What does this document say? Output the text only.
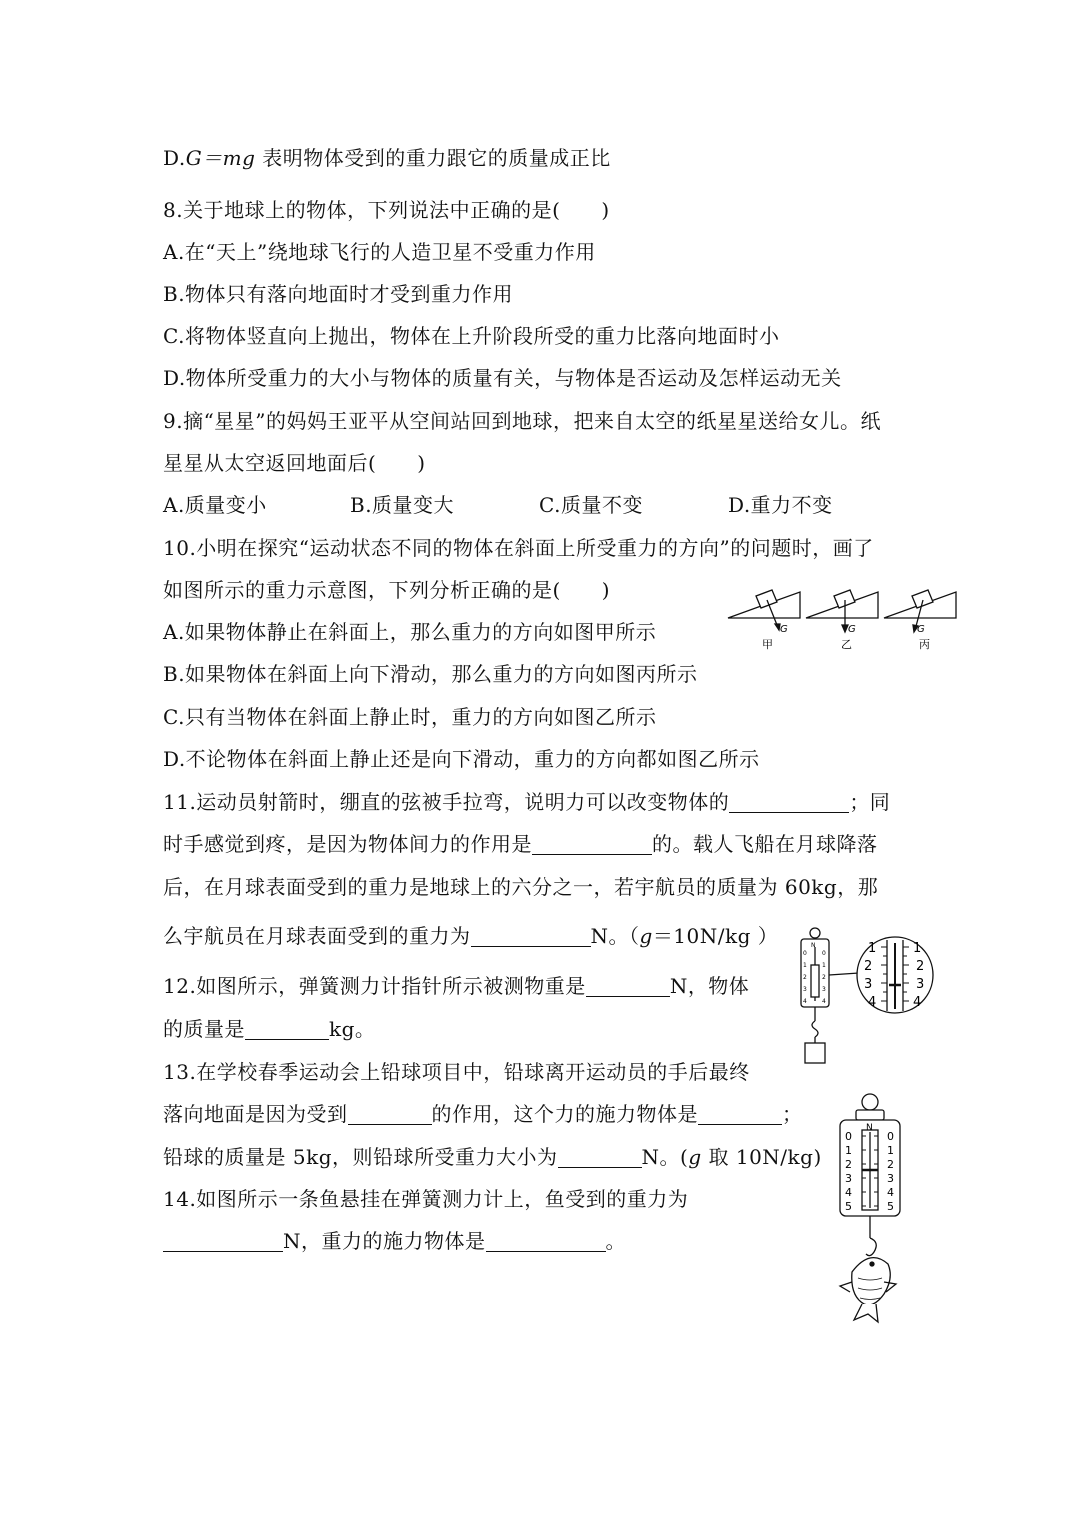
D.G＝mg 表明物体受到的重力跟它的质量成正比
8.关于地球上的物体，下列说法中正确的是(　　)
A.在“天上”绕地球飞行的人造卫星不受重力作用
B.物体只有落向地面时才受到重力作用
C.将物体竖直向上抛出，物体在上升阶段所受的重力比落向地面时小
D.物体所受重力的大小与物体的质量有关，与物体是否运动及怎样运动无关
9.摘“星星”的妈妈王亚平从空间站回到地球，把来自太空的纸星星送给女儿。纸
星星从太空返回地面后(　　)
A.质量变小	B.质量变大	C.质量不变	D.重力不变
10.小明在探究“运动状态不同的物体在斜面上所受重力的方向”的问题时，画了
如图所示的重力示意图，下列分析正确的是(　　)
A.如果物体静止在斜面上，那么重力的方向如图甲所示
B.如果物体在斜面上向下滑动，那么重力的方向如图丙所示
C.只有当物体在斜面上静止时，重力的方向如图乙所示
D.不论物体在斜面上静止还是向下滑动，重力的方向都如图乙所示
11.运动员射箭时，绷直的弦被手拉弯，说明力可以改变物体的	；同
时手感觉到疼，是因为物体间力的作用是	的。载人飞船在月球降落
后，在月球表面受到的重力是地球上的六分之一，若宇航员的质量为 60kg，那
么宇航员在月球表面受到的重力为	N。（g＝10N/kg ）
12.如图所示，弹簧测力计指针所示被测物重是	N，物体
的质量是	kg。
13.在学校春季运动会上铅球项目中，铅球离开运动员的手后最终
落向地面是因为受到	的作用，这个力的施力物体是	；
铅球的质量是 5kg，则铅球所受重力大小为	N。(g 取 10N/kg)
14.如图所示一条鱼悬挂在弹簧测力计上，鱼受到的重力为
N，重力的施力物体是	。
G	G	G
甲	乙	丙
N
0
1
2
3
4
0
1
2
3
4
1
2
3
4
1
2
3
4
N
0
1
2
3
4
5
0
1
2
3
4
5
